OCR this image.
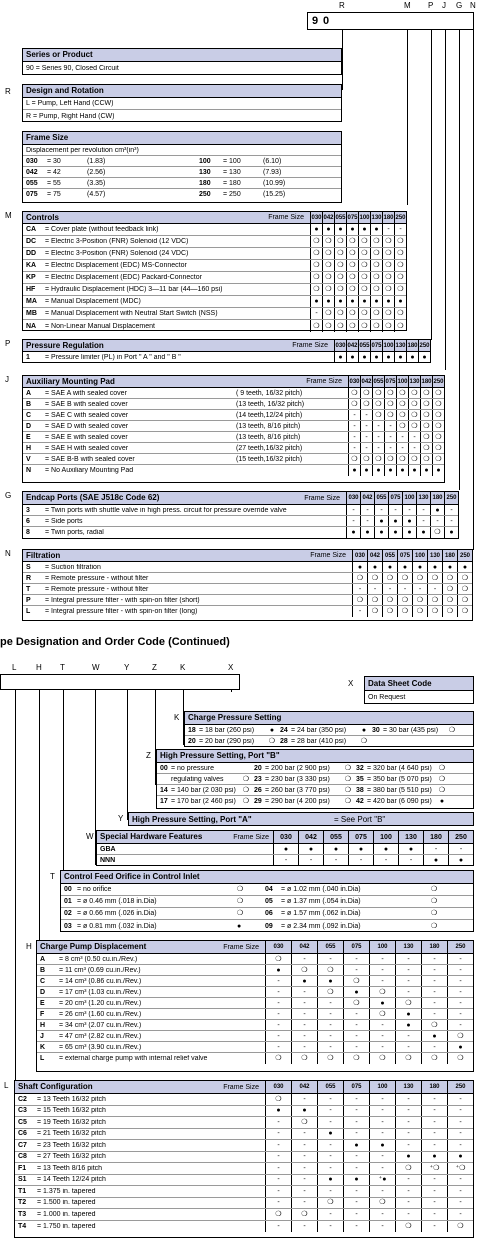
R	M P J G N
9 0
Series or Product
90 = Series 90, Closed Circuit
R	Design and Rotation
L = Pump, Left Hand (CCW)
R = Pump, Right Hand (CW)
Frame Size
Displacement per revolution cm³(in³)
030	= 30	(1.83)	100	= 100	(6.10)
042	= 42	(2.56)	130	= 130	(7.93)
055	= 55	(3.35)	180	= 180	(10.99)
075	= 75	(4.57)	250	= 250	(15.25)
Controls	Frame Size	030 042 055 075 100 130 180 250
CA	= Cover plate (without feedback link)	●	●	●	●	●	●	-	-
DC	= Electric 3-Position (FNR) Solenoid (12 VDC)	❍ ❍ ❍ ❍ ❍ ❍ ❍ ❍
DD	= Electric 3-Position (FNR) Solenoid (24 VDC)	❍ ❍ ❍ ❍ ❍ ❍ ❍ ❍
KA	= Electric Displacement (EDC) MS-Connector	❍ ❍ ❍ ❍ ❍ ❍ ❍ ❍
KP	= Electric Displacement (EDC) Packard-Connector	❍ ❍ ❍ ❍ ❍ ❍ ❍ ❍
HF	= Hydraulic Displacement (HDC) 3—11 bar (44—160 psi)	❍ ❍ ❍ ❍ ❍ ❍ ❍ ❍
MA	= Manual Displacement (MDC)	●	●	●	●	●	●	●	●
MB	= Manual Displacement with Neutral Start Switch (NSS)	-	❍ ❍ ❍ ❍ ❍ ❍ ❍
NA	= Non-Linear Manual Displacement	❍ ❍ ❍ ❍ ❍ ❍ ❍ ❍
M
Pressure Regulation	Frame Size	030 042 055 075 100 130 180 250
1	= Pressure limiter (PL) in Port " A " and " B "	●	●	●	●	●	●	●	●
P
Auxiliary Mounting Pad	Frame Size	030 042 055 075 100 130 180 250
A	= SAE A with sealed cover	( 9 teeth, 16/32 pitch)	❍ ❍ ❍ ❍ ❍ ❍ ❍ ❍
B	= SAE B with sealed cover	(13 teeth, 16/32 pitch)	❍ ❍ ❍ ❍ ❍ ❍ ❍ ❍
C	= SAE C with sealed cover	(14 teeth,12/24 pitch)	-	-	❍ ❍ ❍ ❍ ❍ ❍
D	= SAE D with sealed cover	(13 teeth, 8/16 pitch)	-	-	-	-	❍ ❍ ❍ ❍
E	= SAE E with sealed cover	(13 teeth, 8/16 pitch)	-	-	-	-	-	-	❍ ❍
H	= SAE H with sealed cover	(27 teeth,16/32 pitch)	-	-	-	-	-	-	❍ ❍
V	= SAE B-B with sealed cover	(15 teeth,16/32 pitch)	❍ ❍ ❍ ❍ ❍ ❍ ❍ ❍
N	= No Auxiliary Mounting Pad	●	●	●	●	●	●	●	●
J
Endcap Ports (SAE J518c Code 62)	Frame Size	030 042 055 075 100 130 180 250
3	= Twin ports with shuttle valve in high press. circuit for pressure override valve	-	-	-	-	-	-	●	-
6	= Side ports	-	-	●	●	●	-	-	-
8	= Twin ports, radial	●	●	●	●	●	●	❍	●
G
Filtration	Frame Size	030 042 055 075 100 130 180 250
S	= Suction filtration	●	●	●	●	●	●	●	●
R	= Remote pressure - without filter	❍	❍	❍	❍	❍	❍	❍	❍
T	= Remote pressure - without filter	-	-	-	-	-	-	❍	❍
P	= Integral pressure filter - with spin-on filter (short)	❍	❍	❍	❍	❍	❍	❍	❍
L	= Integral pressure filter - with spin-on filter (long)	-	❍	❍	❍	❍	❍	❍	❍
N
pe Designation and Order Code (Continued)
L H T	W	Y	Z	K	X
X	Data Sheet Code
On Request
K	Charge Pressure Setting
18 = 18 bar (260 psi)	● 24 = 24 bar (350 psi)	● 30 = 30 bar (435 psi)	❍
20 = 20 bar (290 psi)	❍ 28 = 28 bar (410 psi)	❍
Z	High Pressure Setting, Port "B"
00 = no pressure	20 = 200 bar (2 900 psi)	❍ 32 = 320 bar (4 640 psi)	❍
regulating valves	❍ 23 = 230 bar (3 330 psi)	❍ 35 = 350 bar (5 070 psi)	❍
14 = 140 bar (2 030 psi)	❍ 26 = 260 bar (3 770 psi)	❍ 38 = 380 bar (5 510 psi)	❍
17 = 170 bar (2 460 psi)	❍ 29 = 290 bar (4 200 psi)	❍ 42 = 420 bar (6 090 psi)	●
Y High Pressure Setting, Port "A"	= See Port "B"
W Special Hardware Features	Frame Size	030	042	055	075	100	130	180	250
GBA	●	●	●	●	●	●	-	-
NNN	-	-	-	-	-	-	●	●
T	Control Feed Orifice in Control Inlet
00 = no orifice	❍	04	= ø 1.02 mm (.040 in.Dia)	❍
01 = ø 0.46 mm (.018 in.Dia)	❍	05	= ø 1.37 mm (.054 in.Dia)	❍
02 = ø 0.66 mm (.026 in.Dia)	❍	06	= ø 1.57 mm (.062 in.Dia)	❍
03 = ø 0.81 mm (.032 in.Dia)	●	09	= ø 2.34 mm (.092 in.Dia)	❍
H	Charge Pump Displacement	Frame Size	030	042	055	075	100	130	180	250
A	= 8 cm³ (0.50 cu.in./Rev.)	❍	-	-	-	-	-	-	-
B	= 11 cm³ (0.69 cu.in./Rev.)	●	❍	❍	-	-	-	-	-
C	= 14 cm³ (0.86 cu.in./Rev.)	-	●	●	❍	-	-	-	-
D	= 17 cm³ (1.03 cu.in./Rev.)	-	-	❍	●	❍	-	-	-
E	= 20 cm³ (1.20 cu.in./Rev.)	-	-	-	❍	●	❍	-	-
F	= 26 cm³ (1.60 cu.in./Rev.)	-	-	-	-	❍	●	-	-
H	= 34 cm³ (2.07 cu.in./Rev.)	-	-	-	-	-	●	❍	-
J	= 47 cm³ (2.82 cu.in./Rev.)	-	-	-	-	-	-	●	❍
K	= 65 cm³ (3.90 cu.in./Rev.)	-	-	-	-	-	-	-	●
L	= external charge pump with internal relief valve	❍	❍	❍	❍	❍	❍	❍	❍
L	Shaft Configuration	Frame Size	030	042	055	075	100	130	180	250
C2	= 13 Teeth 16/32 pitch	❍	-	-	-	-	-	-	-
C3	= 15 Teeth 16/32 pitch	●	●	-	-	-	-	-	-
C5	= 19 Teeth 16/32 pitch	-	❍	-	-	-	-	-	-
C6	= 21 Teeth 16/32 pitch	-	-	●	-	-	-	-	-
C7	= 23 Teeth 16/32 pitch	-	-	-	●	●	-	-	-
C8	= 27 Teeth 16/32 pitch	-	-	-	-	-	●	●	●
F1	= 13 Teeth 8/16 pitch	-	-	-	-	-	❍	⁺❍	⁺❍
S1	= 14 Teeth 12/24 pitch	-	-	●	●	⁺●	-	-	-
T1	= 1.375 in. tapered	-	-	-	-	-	-	-	-
T2	= 1.500 in. tapered	-	-	❍	-	❍	-	-	-
T3	= 1.000 in. tapered	❍	❍	-	-	-	-	-	-
T4	= 1.750 in. tapered	-	-	-	-	-	❍	-	❍
